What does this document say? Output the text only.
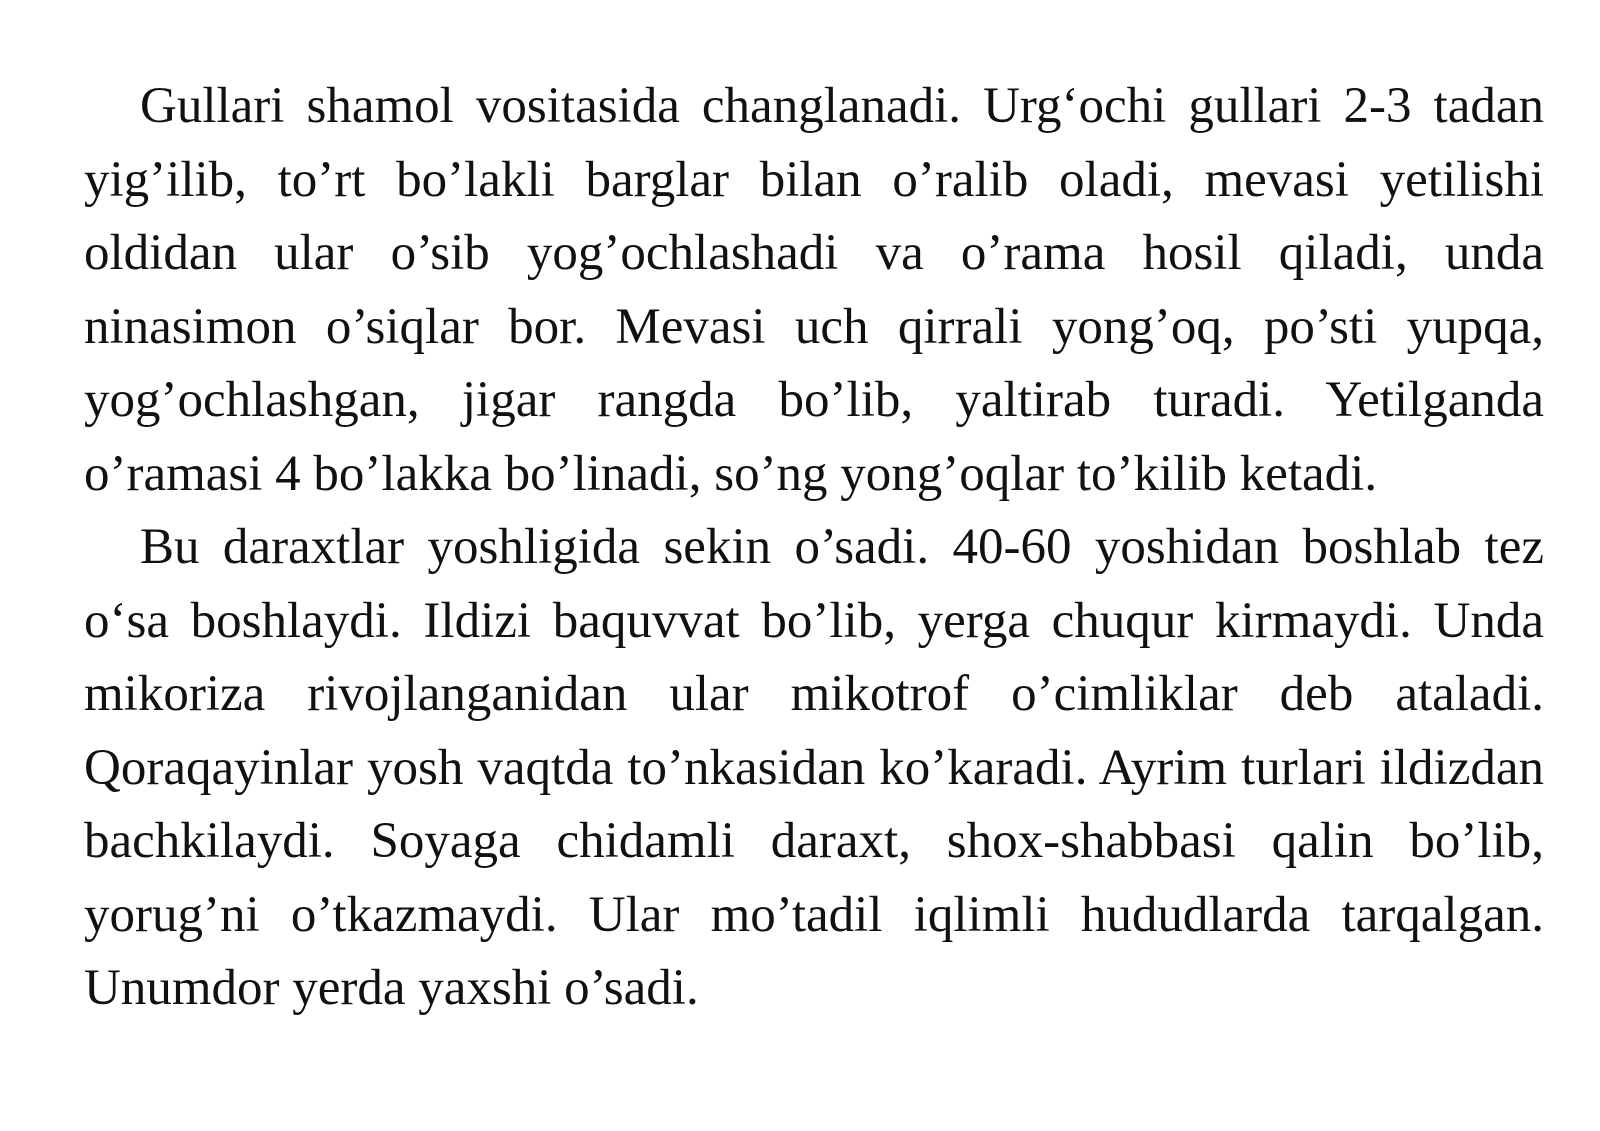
Gullari shamol vositasida changlanadi. Urg‘ochi gullari 2-3 tadan yig’ilib, to’rt bo’lakli barglar bilan o’ralib oladi, mevasi yetilishi oldidan ular o’sib yog’ochlashadi va o’rama hosil qiladi, unda ninasimon o’siqlar bor. Mevasi uch qirrali yong’oq, po’sti yupqa, yog’ochlashgan, jigar rangda bo’lib, yaltirab turadi. Yetilganda o’ramasi 4 bo’lakka bo’linadi, so’ng yong’oqlar to’kilib ketadi.

Bu daraxtlar yoshligida sekin o’sadi. 40-60 yoshidan boshlab tez o‘sa boshlaydi. Ildizi baquvvat bo’lib, yerga chuqur kirmaydi. Unda mikoriza rivojlanganidan ular mikotrof o’cimliklar deb ataladi. Qoraqayinlar yosh vaqtda to’nkasidan ko’karadi. Ayrim turlari ildizdan bachkilaydi. Soyaga chidamli daraxt, shox-shabbasi qalin bo’lib, yorug’ni o’tkazmaydi. Ular mo’tadil iqlimli hududlarda tarqalgan. Unumdor yerda yaxshi o’sadi.
